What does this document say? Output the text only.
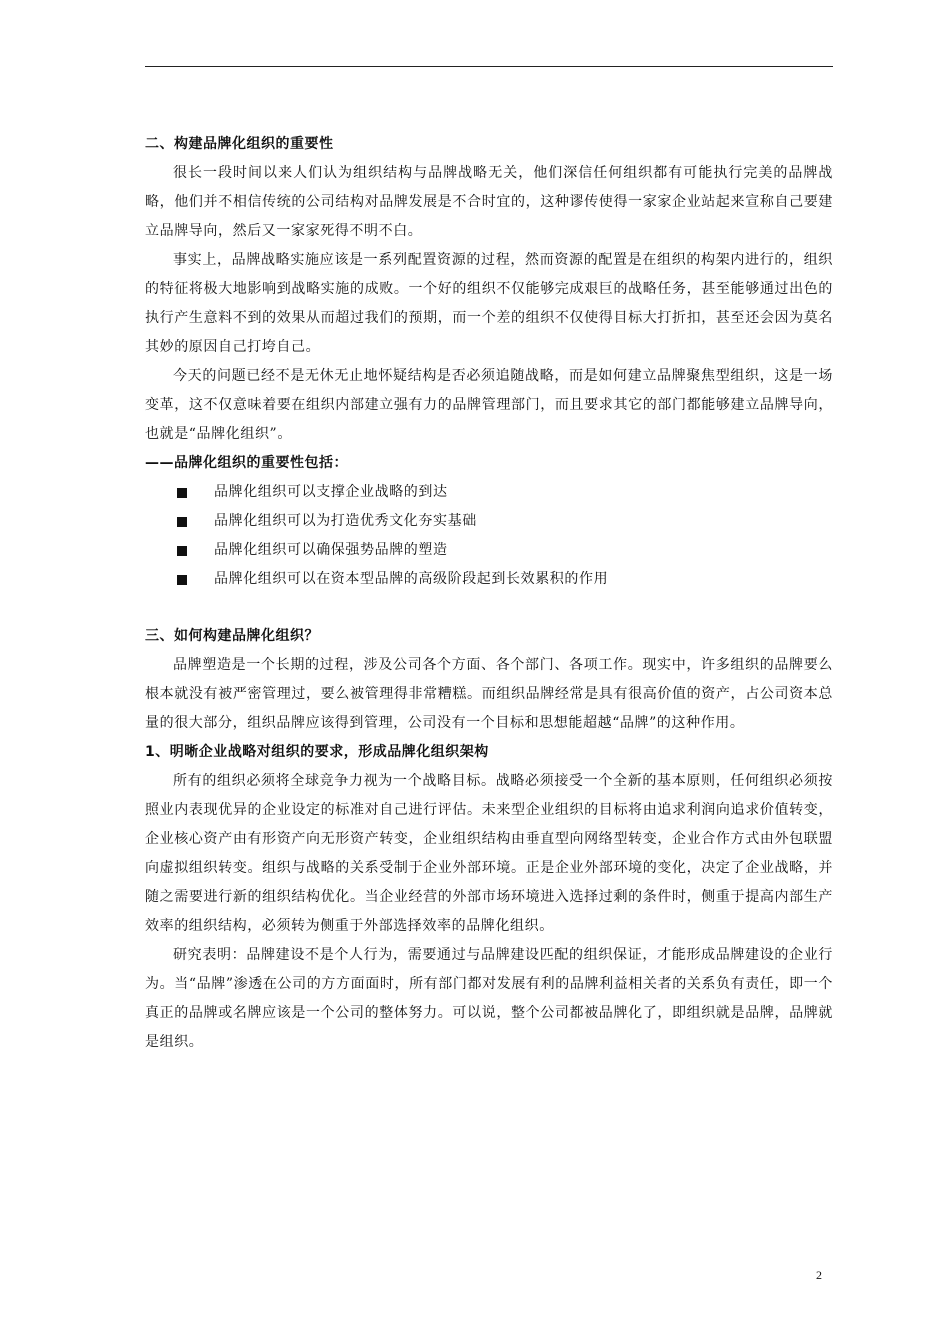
二、构建品牌化组织的重要性

很长一段时间以来人们认为组织结构与品牌战略无关，他们深信任何组织都有可能执行完美的品牌战略，他们并不相信传统的公司结构对品牌发展是不合时宜的，这种谬传使得一家家企业站起来宣称自己要建立品牌导向，然后又一家家死得不明不白。

事实上，品牌战略实施应该是一系列配置资源的过程，然而资源的配置是在组织的构架内进行的，组织的特征将极大地影响到战略实施的成败。一个好的组织不仅能够完成艰巨的战略任务，甚至能够通过出色的执行产生意料不到的效果从而超过我们的预期，而一个差的组织不仅使得目标大打折扣，甚至还会因为莫名其妙的原因自己打垮自己。

今天的问题已经不是无休无止地怀疑结构是否必须追随战略，而是如何建立品牌聚焦型组织，这是一场变革，这不仅意味着要在组织内部建立强有力的品牌管理部门，而且要求其它的部门都能够建立品牌导向，也就是“品牌化组织”。

——品牌化组织的重要性包括：
品牌化组织可以支撑企业战略的到达
品牌化组织可以为打造优秀文化夯实基础
品牌化组织可以确保强势品牌的塑造
品牌化组织可以在资本型品牌的高级阶段起到长效累积的作用
三、如何构建品牌化组织？

品牌塑造是一个长期的过程，涉及公司各个方面、各个部门、各项工作。现实中，许多组织的品牌要么根本就没有被严密管理过，要么被管理得非常糟糕。而组织品牌经常是具有很高价值的资产，占公司资本总量的很大部分，组织品牌应该得到管理，公司没有一个目标和思想能超越“品牌”的这种作用。

1、明晰企业战略对组织的要求，形成品牌化组织架构

所有的组织必须将全球竞争力视为一个战略目标。战略必须接受一个全新的基本原则，任何组织必须按照业内表现优异的企业设定的标准对自己进行评估。未来型企业组织的目标将由追求利润向追求价值转变，企业核心资产由有形资产向无形资产转变，企业组织结构由垂直型向网络型转变，企业合作方式由外包联盟向虚拟组织转变。组织与战略的关系受制于企业外部环境。正是企业外部环境的变化，决定了企业战略，并随之需要进行新的组织结构优化。当企业经营的外部市场环境进入选择过剩的条件时，侧重于提高内部生产效率的组织结构，必须转为侧重于外部选择效率的品牌化组织。

研究表明：品牌建设不是个人行为，需要通过与品牌建设匹配的组织保证，才能形成品牌建设的企业行为。当“品牌”渗透在公司的方方面面时，所有部门都对发展有利的品牌利益相关者的关系负有责任，即一个真正的品牌或名牌应该是一个公司的整体努力。可以说，整个公司都被品牌化了，即组织就是品牌，品牌就是组织。

2
